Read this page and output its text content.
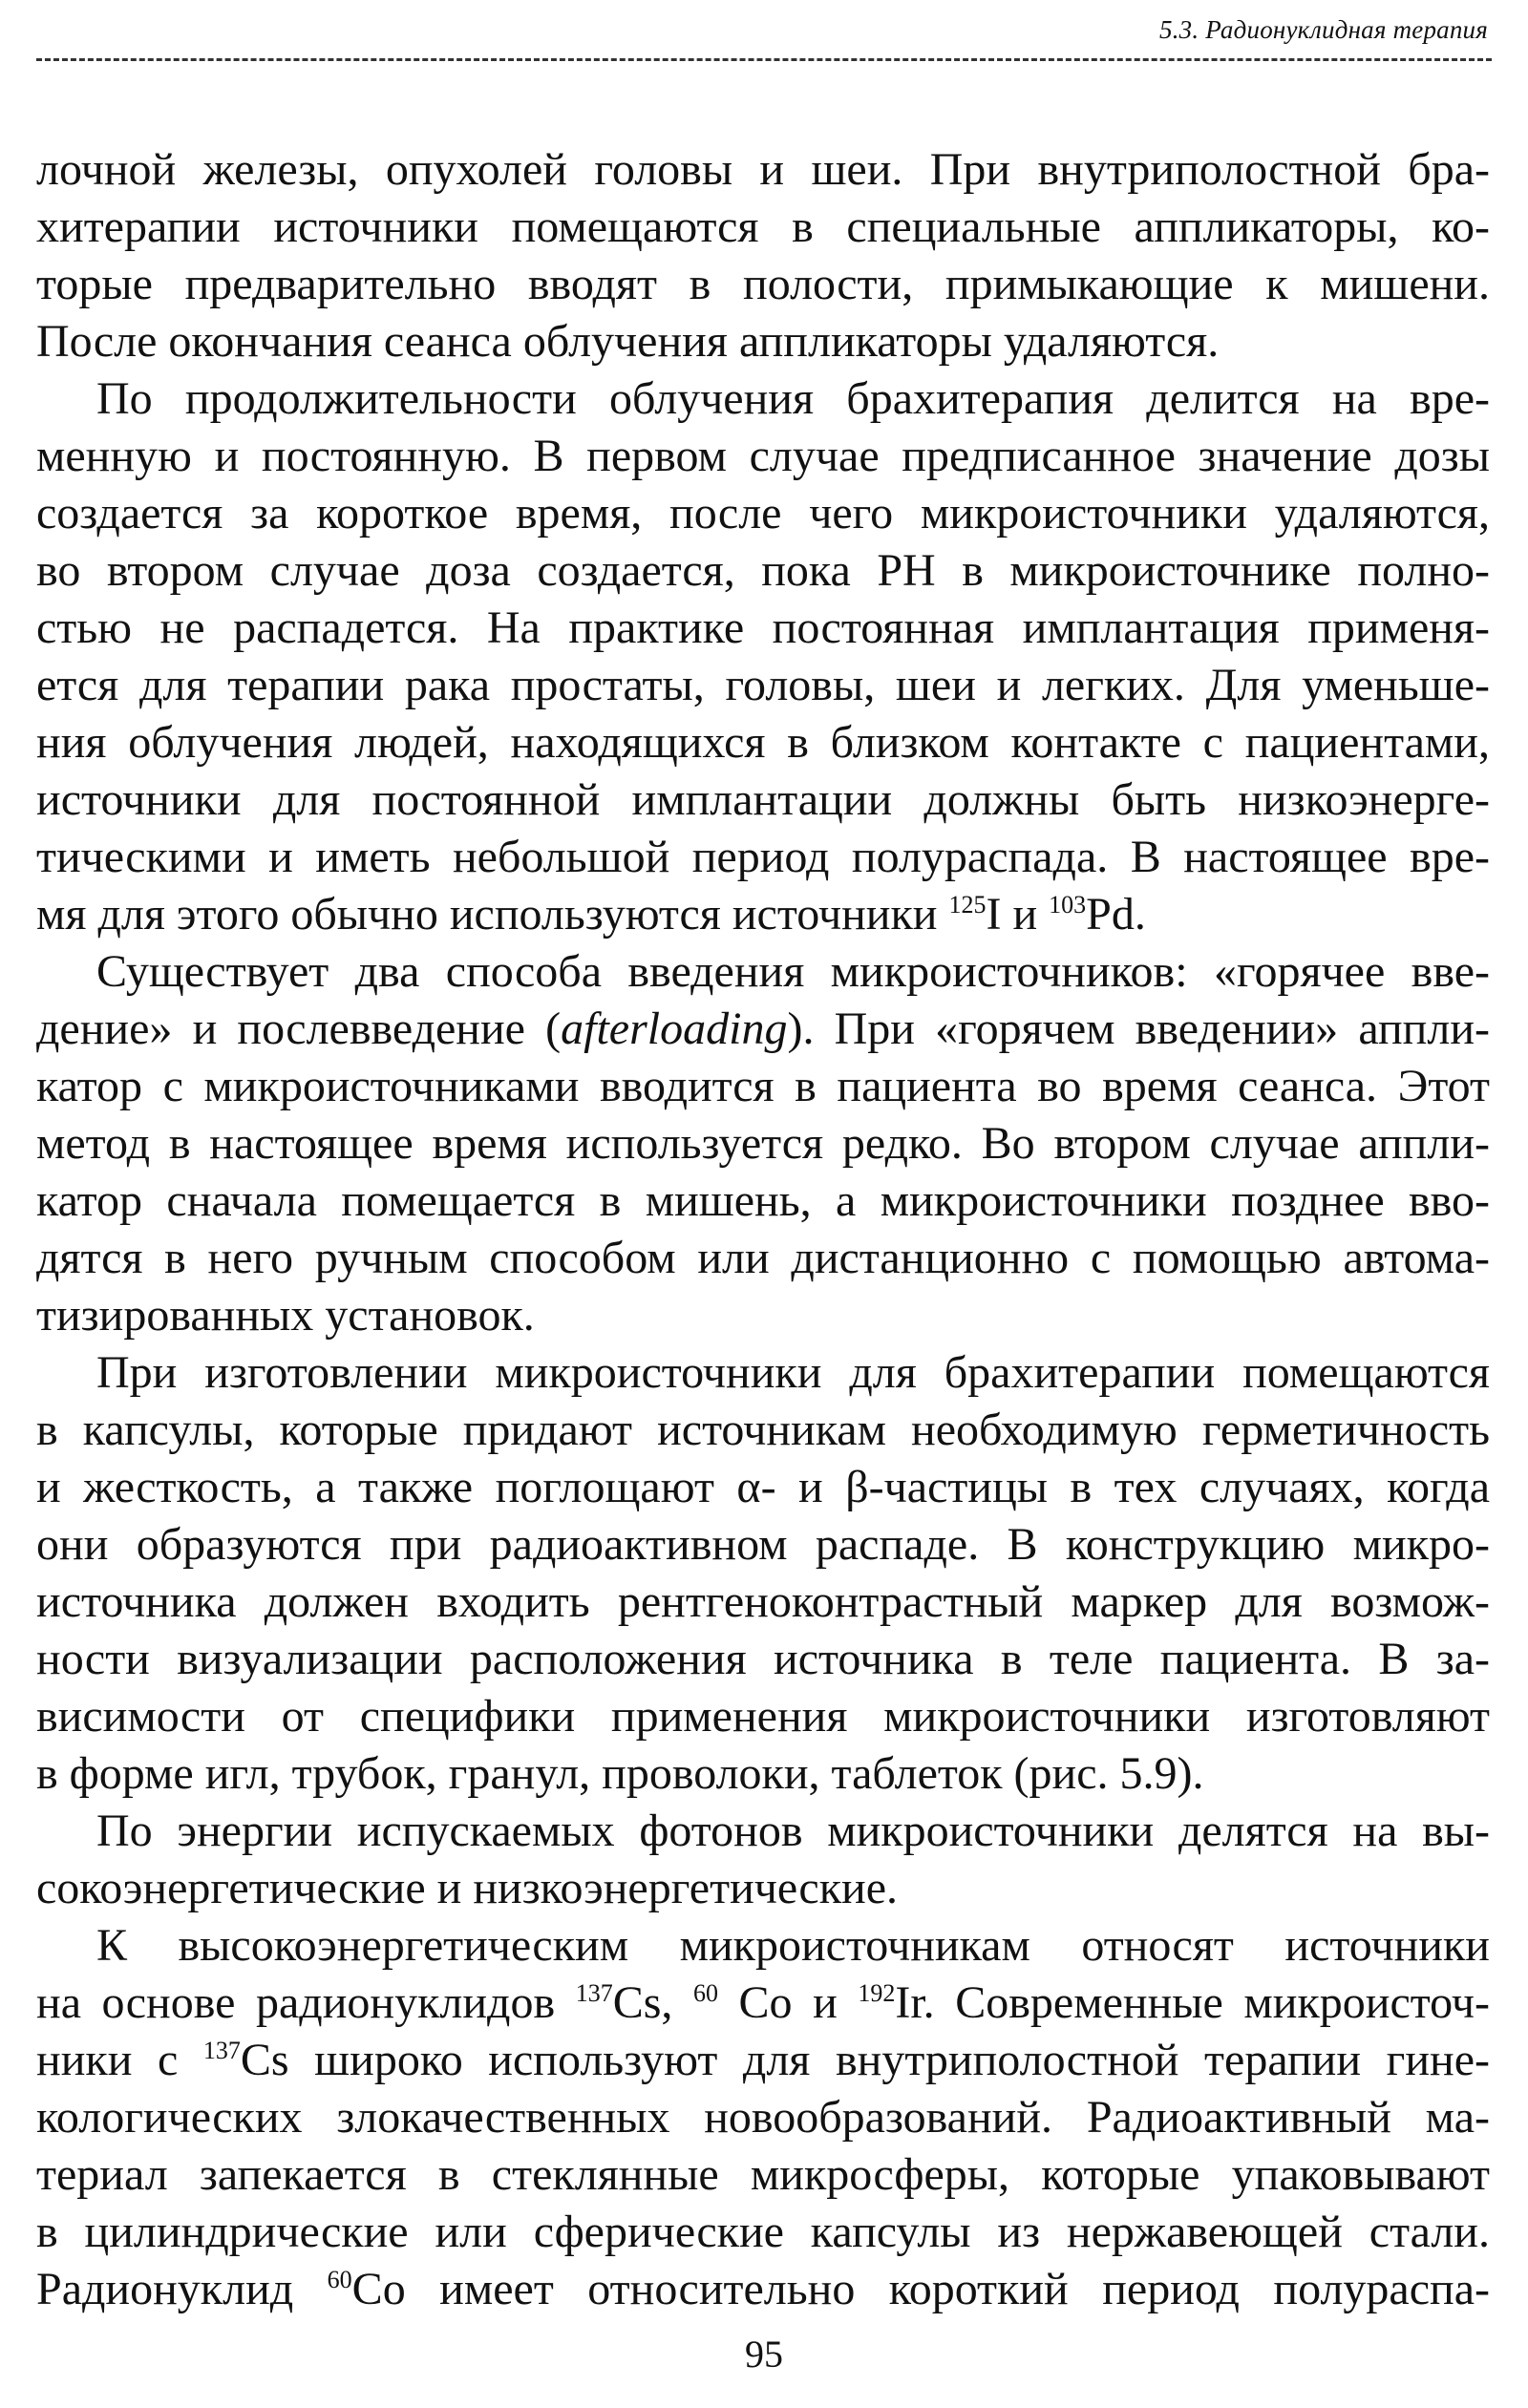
5.3. Радионуклидная терапия
лочной железы, опухолей головы и шеи. При внутриполостной бра-
хитерапии источники помещаются в специальные аппликаторы, ко-
торые предварительно вводят в полости, примыкающие к мишени.
После окончания сеанса облучения аппликаторы удаляются.
По продолжительности облучения брахитерапия делится на вре-
менную и постоянную. В первом случае предписанное значение дозы
создается за короткое время, после чего микроисточники удаляются,
во втором случае доза создается, пока РН в микроисточнике полно-
стью не распадется. На практике постоянная имплантация применя-
ется для терапии рака простаты, головы, шеи и легких. Для уменьше-
ния облучения людей, находящихся в близком контакте с пациентами,
источники для постоянной имплантации должны быть низкоэнерге-
тическими и иметь небольшой период полураспада. В настоящее вре-
мя для этого обычно используются источники $^{125}$I и $^{103}$Pd.
Существует два способа введения микроисточников: «горячее вве-
дение» и послевведение (afterloading). При «горячем введении» аппли-
катор с микроисточниками вводится в пациента во время сеанса. Этот
метод в настоящее время используется редко. Во втором случае аппли-
катор сначала помещается в мишень, а микроисточники позднее вво-
дятся в него ручным способом или дистанционно с помощью автома-
тизированных установок.
При изготовлении микроисточники для брахитерапии помещаются
в капсулы, которые придают источникам необходимую герметичность
и жесткость, а также поглощают α- и β-частицы в тех случаях, когда
они образуются при радиоактивном распаде. В конструкцию микро-
источника должен входить рентгеноконтрастный маркер для возмож-
ности визуализации расположения источника в теле пациента. В за-
висимости от специфики применения микроисточники изготовляют
в форме игл, трубок, гранул, проволоки, таблеток (рис. 5.9).
По энергии испускаемых фотонов микроисточники делятся на вы-
сокоэнергетические и низкоэнергетические.
К высокоэнергетическим микроисточникам относят источники
на основе радионуклидов $^{137}$Cs, $^{60}$ Co и $^{192}$Ir. Современные микроисточ-
ники с $^{137}$Cs широко используют для внутриполостной терапии гине-
кологических злокачественных новообразований. Радиоактивный ма-
териал запекается в стеклянные микросферы, которые упаковывают
в цилиндрические или сферические капсулы из нержавеющей стали.
Радионуклид $^{60}$Co имеет относительно короткий период полураспа-
95
